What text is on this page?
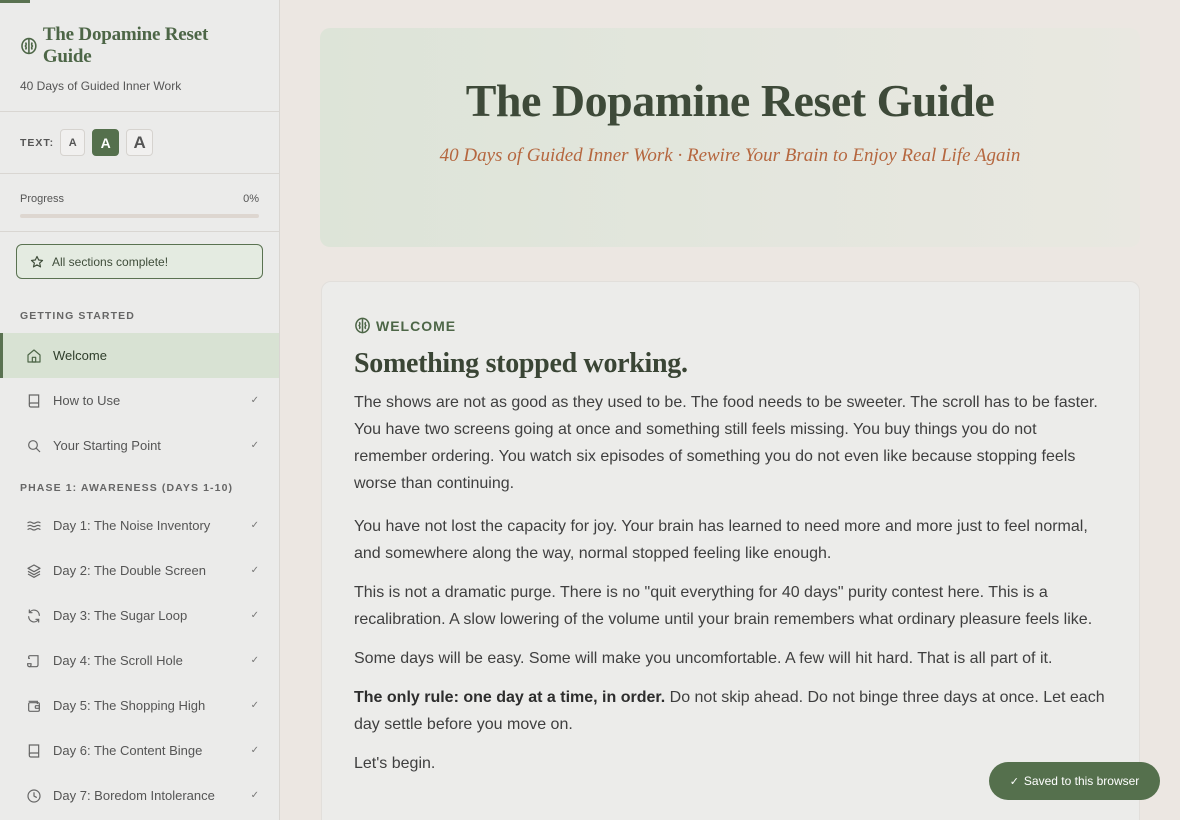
The Dopamine Reset Guide
40 Days of Guided Inner Work
TEXT:	A	A	A
Progress	0%
All sections complete!
GETTING STARTED
Welcome
How to Use	✓
Your Starting Point	✓
PHASE 1: AWARENESS (DAYS 1-10)
Day 1: The Noise Inventory	✓
Day 2: The Double Screen	✓
Day 3: The Sugar Loop	✓
Day 4: The Scroll Hole	✓
Day 5: The Shopping High	✓
Day 6: The Content Binge	✓
Day 7: Boredom Intolerance	✓
The Dopamine Reset Guide
40 Days of Guided Inner Work · Rewire Your Brain to Enjoy Real Life Again
WELCOME
Something stopped working.

The shows are not as good as they used to be. The food needs to be sweeter. The scroll has to be faster. You have two screens going at once and something still feels missing. You buy things you do not remember ordering. You watch six episodes of something you do not even like because stopping feels worse than continuing.

You have not lost the capacity for joy. Your brain has learned to need more and more just to feel normal, and somewhere along the way, normal stopped feeling like enough.

This is not a dramatic purge. There is no "quit everything for 40 days" purity contest here. This is a recalibration. A slow lowering of the volume until your brain remembers what ordinary pleasure feels like.

Some days will be easy. Some will make you uncomfortable. A few will hit hard. That is all part of it.

The only rule: one day at a time, in order. Do not skip ahead. Do not binge three days at once. Let each day settle before you move on.

Let's begin.

✓ Saved to this browser
